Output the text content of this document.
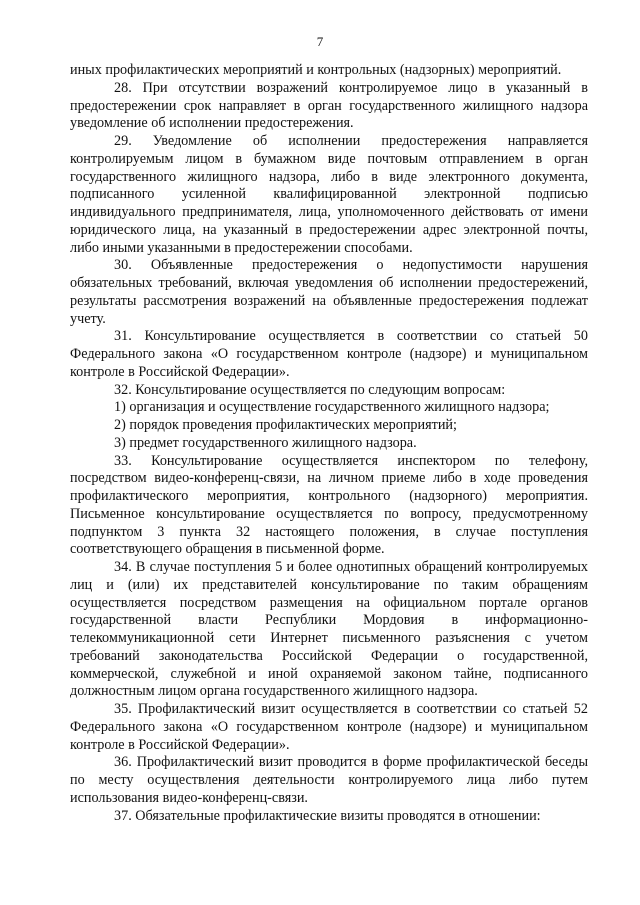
7

иных профилактических мероприятий и контрольных (надзорных) мероприятий.

28. При отсутствии возражений контролируемое лицо в указанный в предостережении срок направляет в орган государственного жилищного надзора уведомление об исполнении предостережения.

29. Уведомление об исполнении предостережения направляется контролируемым лицом в бумажном виде почтовым отправлением в орган государственного жилищного надзора, либо в виде электронного документа, подписанного усиленной квалифицированной электронной подписью индивидуального предпринимателя, лица, уполномоченного действовать от имени юридического лица, на указанный в предостережении адрес электронной почты, либо иными указанными в предостережении способами.

30. Объявленные предостережения о недопустимости нарушения обязательных требований, включая уведомления об исполнении предостережений, результаты рассмотрения возражений на объявленные предостережения подлежат учету.

31. Консультирование осуществляется в соответствии со статьей 50 Федерального закона «О государственном контроле (надзоре) и муниципальном контроле в Российской Федерации».

32. Консультирование осуществляется по следующим вопросам:

1) организация и осуществление государственного жилищного надзора;

2) порядок проведения профилактических мероприятий;

3) предмет государственного жилищного надзора.

33. Консультирование осуществляется инспектором по телефону, посредством видео-конференц-связи, на личном приеме либо в ходе проведения профилактического мероприятия, контрольного (надзорного) мероприятия. Письменное консультирование осуществляется по вопросу, предусмотренному подпунктом 3 пункта 32 настоящего положения, в случае поступления соответствующего обращения в письменной форме.

34. В случае поступления 5 и более однотипных обращений контролируемых лиц и (или) их представителей консультирование по таким обращениям осуществляется посредством размещения на официальном портале органов государственной власти Республики Мордовия в информационно-телекоммуникационной сети Интернет письменного разъяснения с учетом требований законодательства Российской Федерации о государственной, коммерческой, служебной и иной охраняемой законом тайне, подписанного должностным лицом органа государственного жилищного надзора.

35. Профилактический визит осуществляется в соответствии со статьей 52 Федерального закона «О государственном контроле (надзоре) и муниципальном контроле в Российской Федерации».

36. Профилактический визит проводится в форме профилактической беседы по месту осуществления деятельности контролируемого лица либо путем использования видео-конференц-связи.

37. Обязательные профилактические визиты проводятся в отношении:
